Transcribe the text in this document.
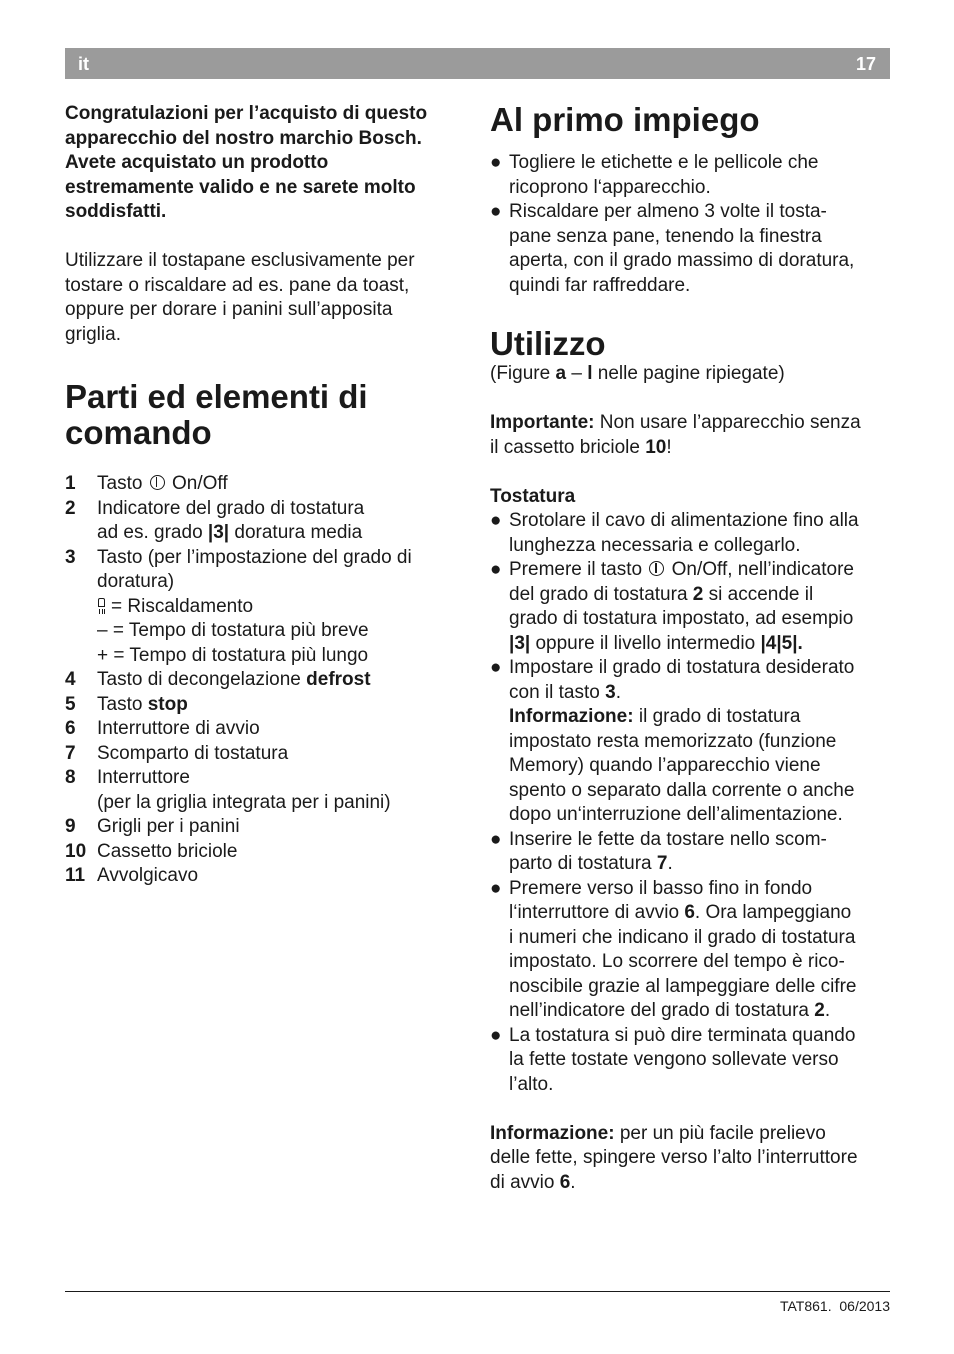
it	17

Congratulazioni per l’acquisto di questo

apparecchio del nostro marchio Bosch.

Avete acquistato un prodotto

estremamente valido e ne sarete molto

soddisfatti.

Utilizzare il tostapane esclusivamente per

tostare o riscaldare ad es. pane da toast,

oppure per dorare i panini sull’apposita

griglia.

Parti ed elementi di
comando
1	Tasto On/Off
2	Indicatore del grado di tostatura
ad es. grado |3| doratura media
3	Tasto (per l’impostazione del grado di
doratura)

= Riscaldamento
– = Tempo di tostatura più breve
+ = Tempo di tostatura più lungo
4	Tasto di decongelazione defrost
5	Tasto stop
6	Interruttore di avvio
7	Scomparto di tostatura
8	Interruttore
(per la griglia integrata per i panini)
9	Grigli per i panini
10 Cassetto briciole
11 Avvolgicavo
Al primo impiego
● Togliere le etichette e le pellicole che
ricoprono l‘apparecchio.
● Riscaldare per almeno 3 volte il tosta-
pane senza pane, tenendo la finestra
aperta, con il grado massimo di doratura,
quindi far raffreddare.
Utilizzo

(Figure a – l nelle pagine ripiegate)

Importante: Non usare l’apparecchio senza
il cassetto briciole 10!

Tostatura

● Srotolare il cavo di alimentazione fino alla
lunghezza necessaria e collegarlo.
● Premere il tasto On/Off, nell’indicatore
del grado di tostatura 2 si accende il
grado di tostatura impostato, ad esempio
|3| oppure il livello intermedio |4|5|.
● Impostare il grado di tostatura desiderato
con il tasto 3.
Informazione: il grado di tostatura
impostato resta memorizzato (funzione
Memory) quando l’apparecchio viene
spento o separato dalla corrente o anche
dopo un‘interruzione dell’alimentazione.
● Inserire le fette da tostare nello scom-
parto di tostatura 7.
● Premere verso il basso fino in fondo
l‘interruttore di avvio 6. Ora lampeggiano
i numeri che indicano il grado di tostatura
impostato. Lo scorrere del tempo è rico-
noscibile grazie al lampeggiare delle cifre
nell’indicatore del grado di tostatura 2.
● La tostatura si può dire terminata quando
la fette tostate vengono sollevate verso
l’alto.

Informazione: per un più facile prelievo
delle fette, spingere verso l’alto l’interruttore
di avvio 6.

TAT861. 06/2013
